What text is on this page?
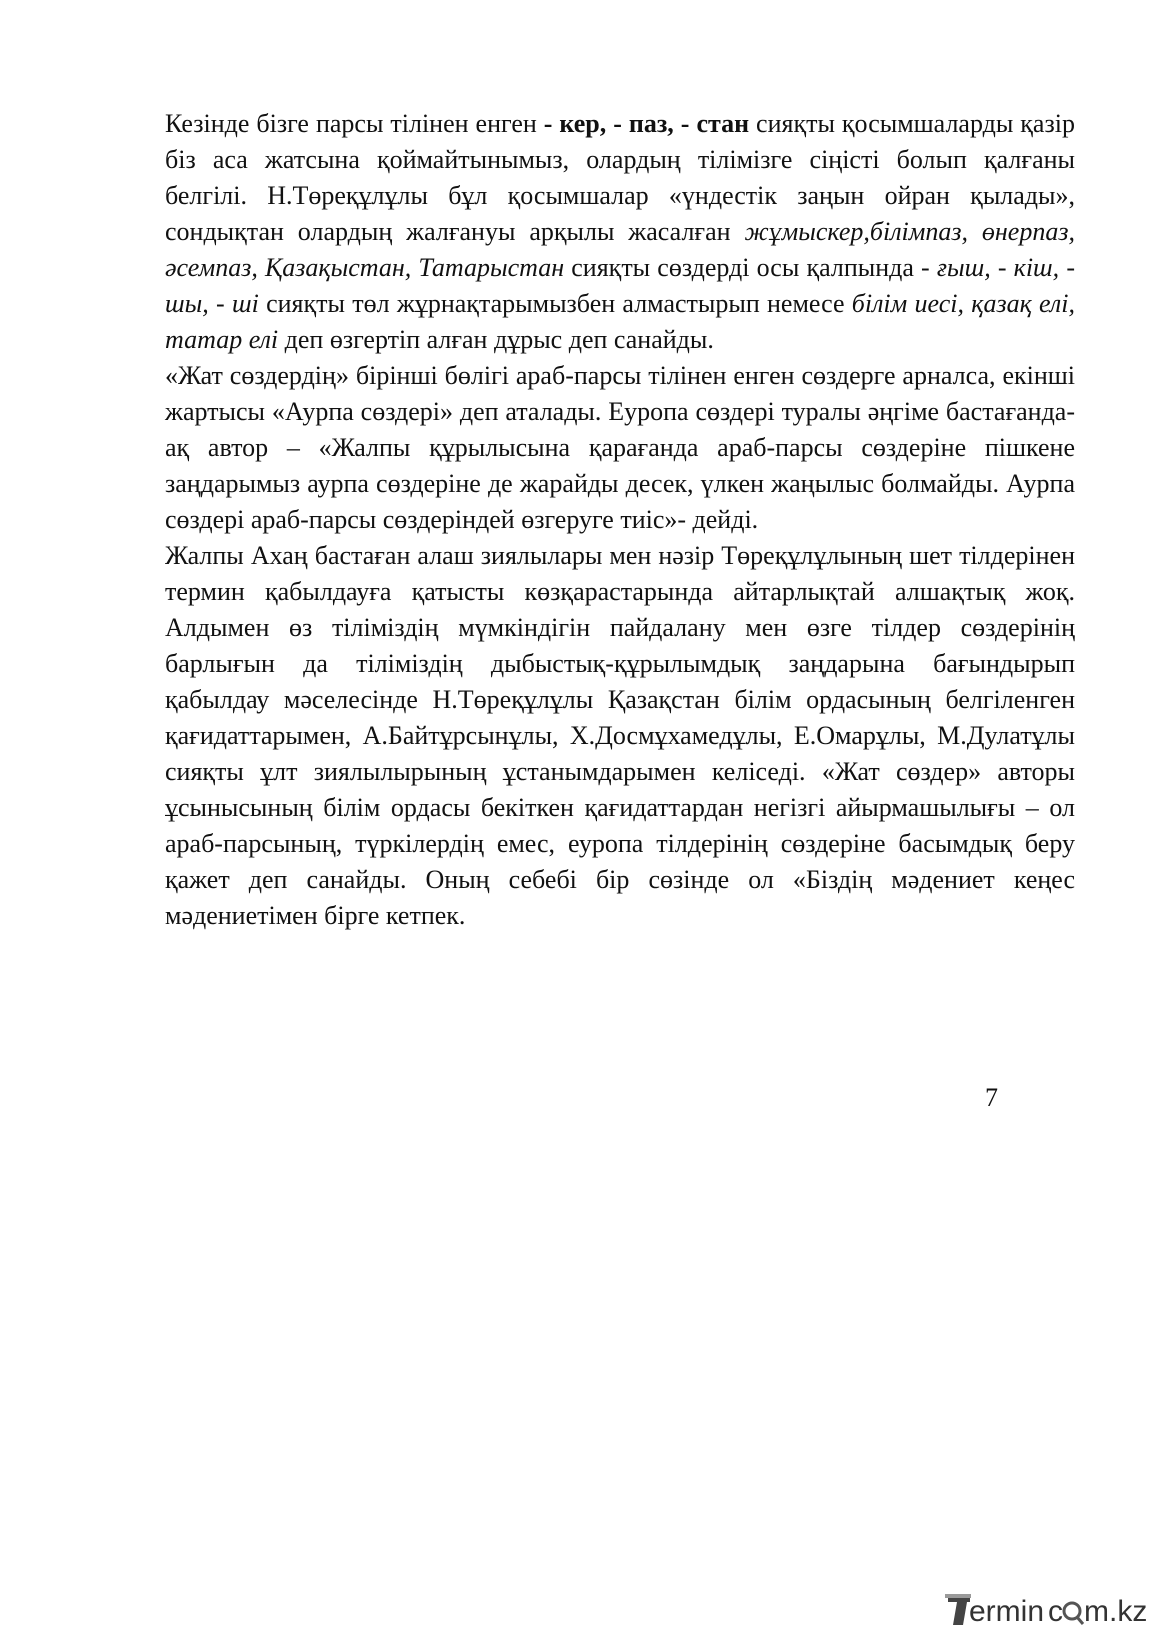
Кезінде бізге парсы тілінен енген - кер, - паз, - стан сияқты қосымшаларды қазір біз аса жатсына қоймайтынымыз, олардың тілімізге сіңісті болып қалғаны белгілі. Н.Төреқұлұлы бұл қосымшалар «үндестік заңын ойран қылады», сондықтан олардың жалғануы арқылы жасалған жұмыскер,білімпаз, өнерпаз, әсемпаз, Қазақыстан, Татарыстан сияқты сөздерді осы қалпында - ғыш, - кіш, - шы, - ші сияқты төл жұрнақтарымызбен алмастырып немесе білім иесі, қазақ елі, татар елі деп өзгертіп алған дұрыс деп санайды.

«Жат сөздердің» бірінші бөлігі араб-парсы тілінен енген сөздерге арналса, екінші жартысы «Аурпа сөздері» деп аталады. Еуропа сөздері туралы әңгіме бастағанда-ақ автор – «Жалпы құрылысына қарағанда араб-парсы сөздеріне пішкене заңдарымыз аурпа сөздеріне де жарайды десек, үлкен жаңылыс болмайды. Аурпа сөздері араб-парсы сөздеріндей өзгеруге тиіс»- дейді.

Жалпы Ахаң бастаған алаш зиялылары мен нәзір Төреқұлұлының шет тілдерінен термин қабылдауға қатысты көзқарастарында айтарлықтай алшақтық жоқ. Алдымен өз тіліміздің мүмкіндігін пайдалану мен өзге тілдер сөздерінің барлығын да тіліміздің дыбыстық-құрылымдық заңдарына бағындырып қабылдау мәселесінде Н.Төреқұлұлы Қазақстан білім ордасының белгіленген қағидаттарымен, А.Байтұрсынұлы, Х.Досмұхамедұлы, Е.Омарұлы, М.Дулатұлы сияқты ұлт зиялылырының ұстанымдарымен келіседі. «Жат сөздер» авторы ұсынысының білім ордасы бекіткен қағидаттардан негізгі айырмашылығы – ол араб-парсының, түркілердің емес, еуропа тілдерінің сөздеріне басымдық беру қажет деп санайды. Оның себебі бір сөзінде ол «Біздің мәдениет кеңес мәдениетімен бірге кетпек.

7
ermin c m.kz
